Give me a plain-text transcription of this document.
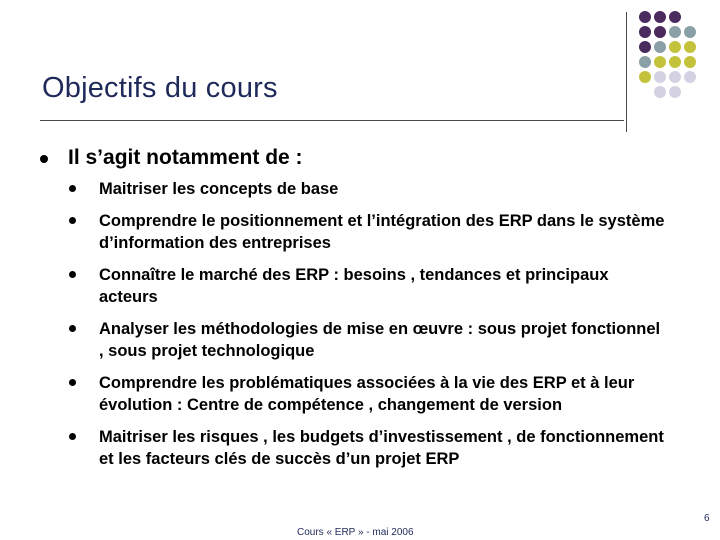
Objectifs du cours
Il s’agit notamment de :
Maitriser les concepts de base
Comprendre le positionnement et l’intégration des ERP dans le système d’information des entreprises
Connaître le marché des ERP : besoins , tendances et principaux acteurs
Analyser les méthodologies de mise en œuvre : sous projet fonctionnel , sous projet technologique
Comprendre les problématiques associées à la vie des ERP et à leur évolution : Centre de compétence , changement de version
Maitriser les risques , les budgets d’investissement , de fonctionnement et les facteurs clés de succès d’un projet ERP
6
Cours « ERP » - mai 2006
